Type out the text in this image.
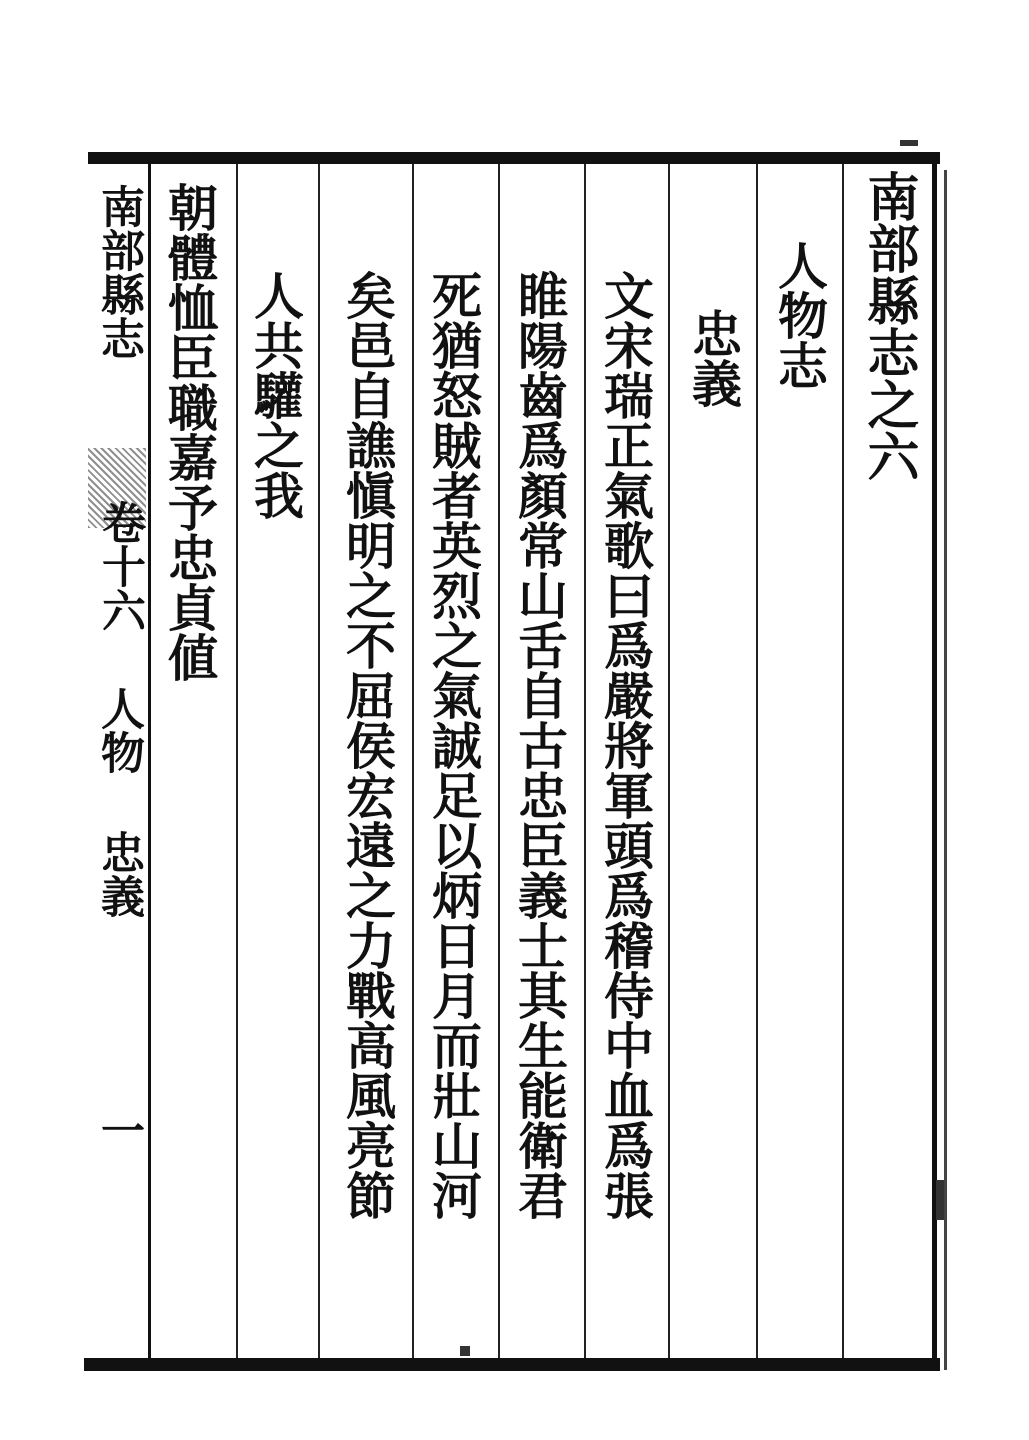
南部縣志之六
人物志
忠義
文宋瑞正氣歌曰爲嚴將軍頭爲稽侍中血爲張
睢陽齒爲顏常山舌自古忠臣義士其生能衛君
死猶怒賊者英烈之氣誠足以炳日月而壯山河
矣邑自譙愼明之不屈侯宏遠之力戰高風亮節
人共驩之我
朝體恤臣職嘉予忠貞値
南部縣志
卷十六
人物
忠義
一
